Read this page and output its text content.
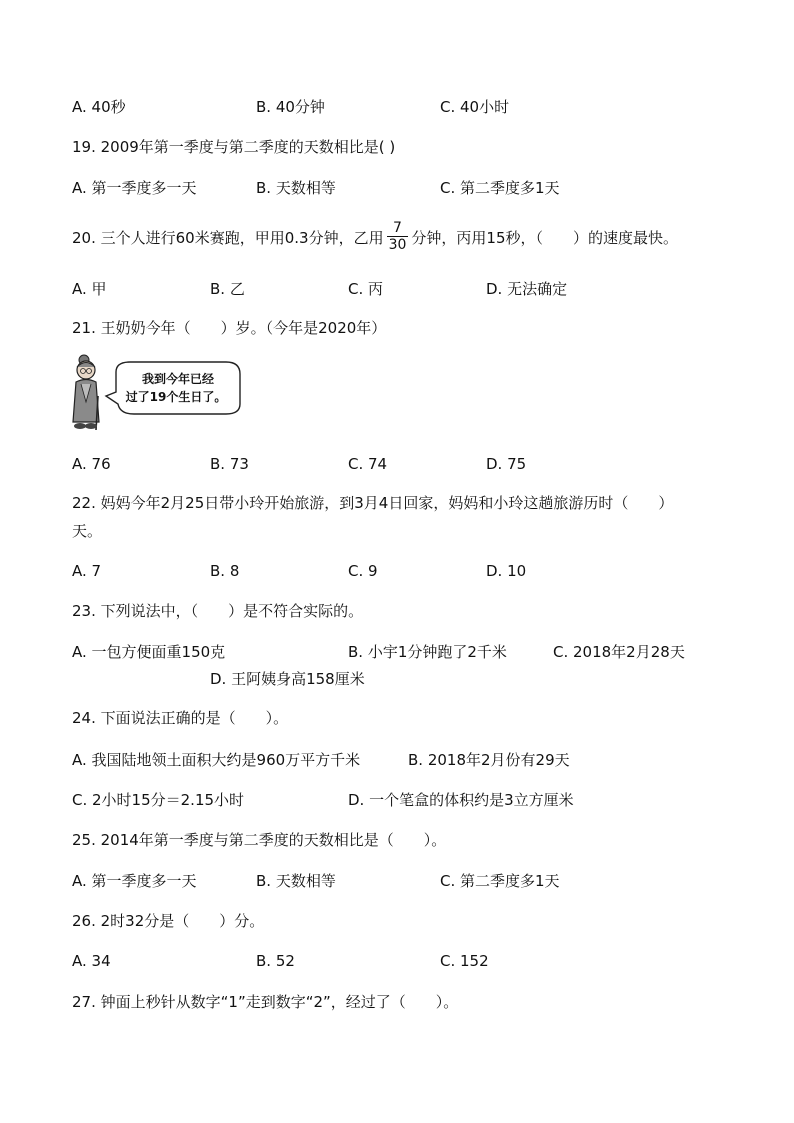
A. 40秒	B. 40分钟	C. 40小时
19. 2009年第一季度与第二季度的天数相比是( )
A. 第一季度多一天	B. 天数相等	C. 第二季度多1天
20. 三个人进行60米赛跑，甲用0.3分钟，乙用 $\frac{7}{30}$ 分钟，丙用15秒，（　　）的速度最快。
A. 甲	B. 乙	C. 丙	D. 无法确定
21. 王奶奶今年（　　）岁。（今年是2020年）
我到今年已经
过了19个生日了。
A. 76	B. 73	C. 74	D. 75
22. 妈妈今年2月25日带小玲开始旅游，到3月4日回家，妈妈和小玲这趟旅游历时（　　）
天。
A. 7	B. 8	C. 9	D. 10
23. 下列说法中，（　　）是不符合实际的。
A. 一包方便面重150克	B. 小宇1分钟跑了2千米	C. 2018年2月28天
D. 王阿姨身高158厘米
24. 下面说法正确的是（　　）。
A. 我国陆地领土面积大约是960万平方千米	B. 2018年2月份有29天
C. 2小时15分＝2.15小时	D. 一个笔盒的体积约是3立方厘米
25. 2014年第一季度与第二季度的天数相比是（　　）。
A. 第一季度多一天	B. 天数相等	C. 第二季度多1天
26. 2时32分是（　　）分。
A. 34	B. 52	C. 152
27. 钟面上秒针从数字“1”走到数字“2”，经过了（　　）。
